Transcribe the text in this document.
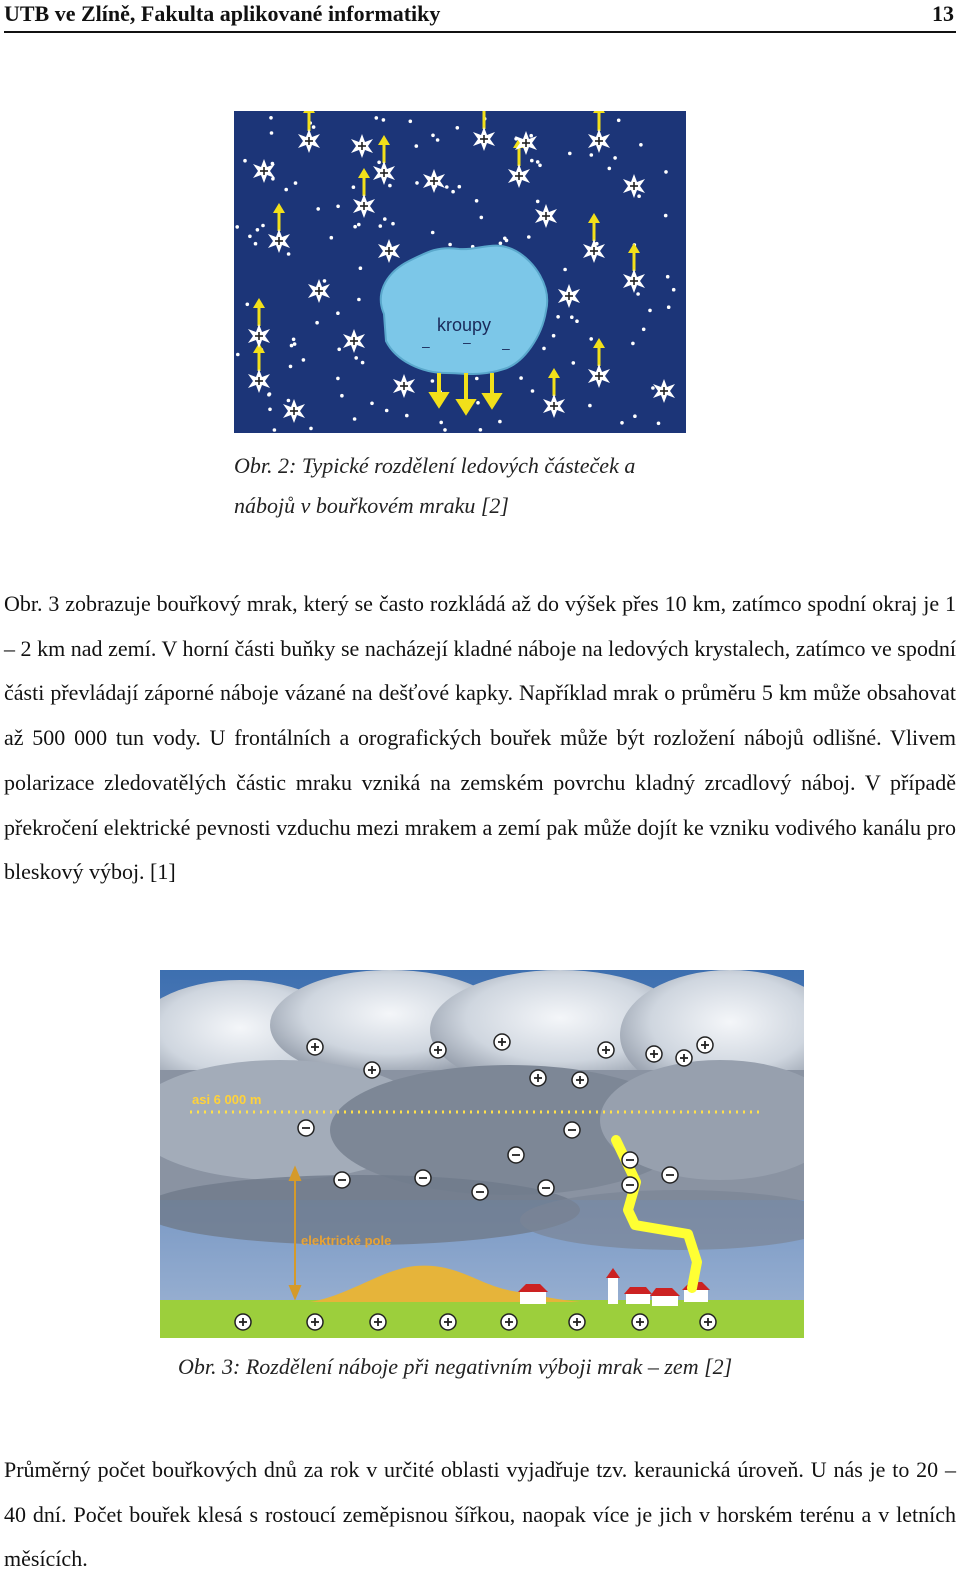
UTB ve Zlíně, Fakulta aplikované informatiky	13
kroupy
– – –
Obr. 2: Typické rozdělení ledových částeček a
nábojů v bouřkovém mraku [2]
Obr. 3 zobrazuje bouřkový mrak, který se často rozkládá až do výšek přes 10 km, zatímco spodní okraj je 1 – 2 km nad zemí. V horní části buňky se nacházejí kladné náboje na ledových krystalech, zatímco ve spodní části převládají záporné náboje vázané na dešťové kapky. Například mrak o průměru 5 km může obsahovat až 500 000 tun vody. U frontálních a orografických bouřek může být rozložení nábojů odlišné. Vlivem polarizace zledovatělých částic mraku vzniká na zemském povrchu kladný zrcadlový náboj. V případě překročení elektrické pevnosti vzduchu mezi mrakem a zemí pak může dojít ke vzniku vodivého kanálu pro bleskový výboj. [1]
asi 6 000 m
elektrické pole
Obr. 3: Rozdělení náboje při negativním výboji mrak – zem [2]
Průměrný počet bouřkových dnů za rok v určité oblasti vyjadřuje tzv. keraunická úroveň. U nás je to 20 – 40 dní. Počet bouřek klesá s rostoucí zeměpisnou šířkou, naopak více je jich v horském terénu a v letních měsících.
